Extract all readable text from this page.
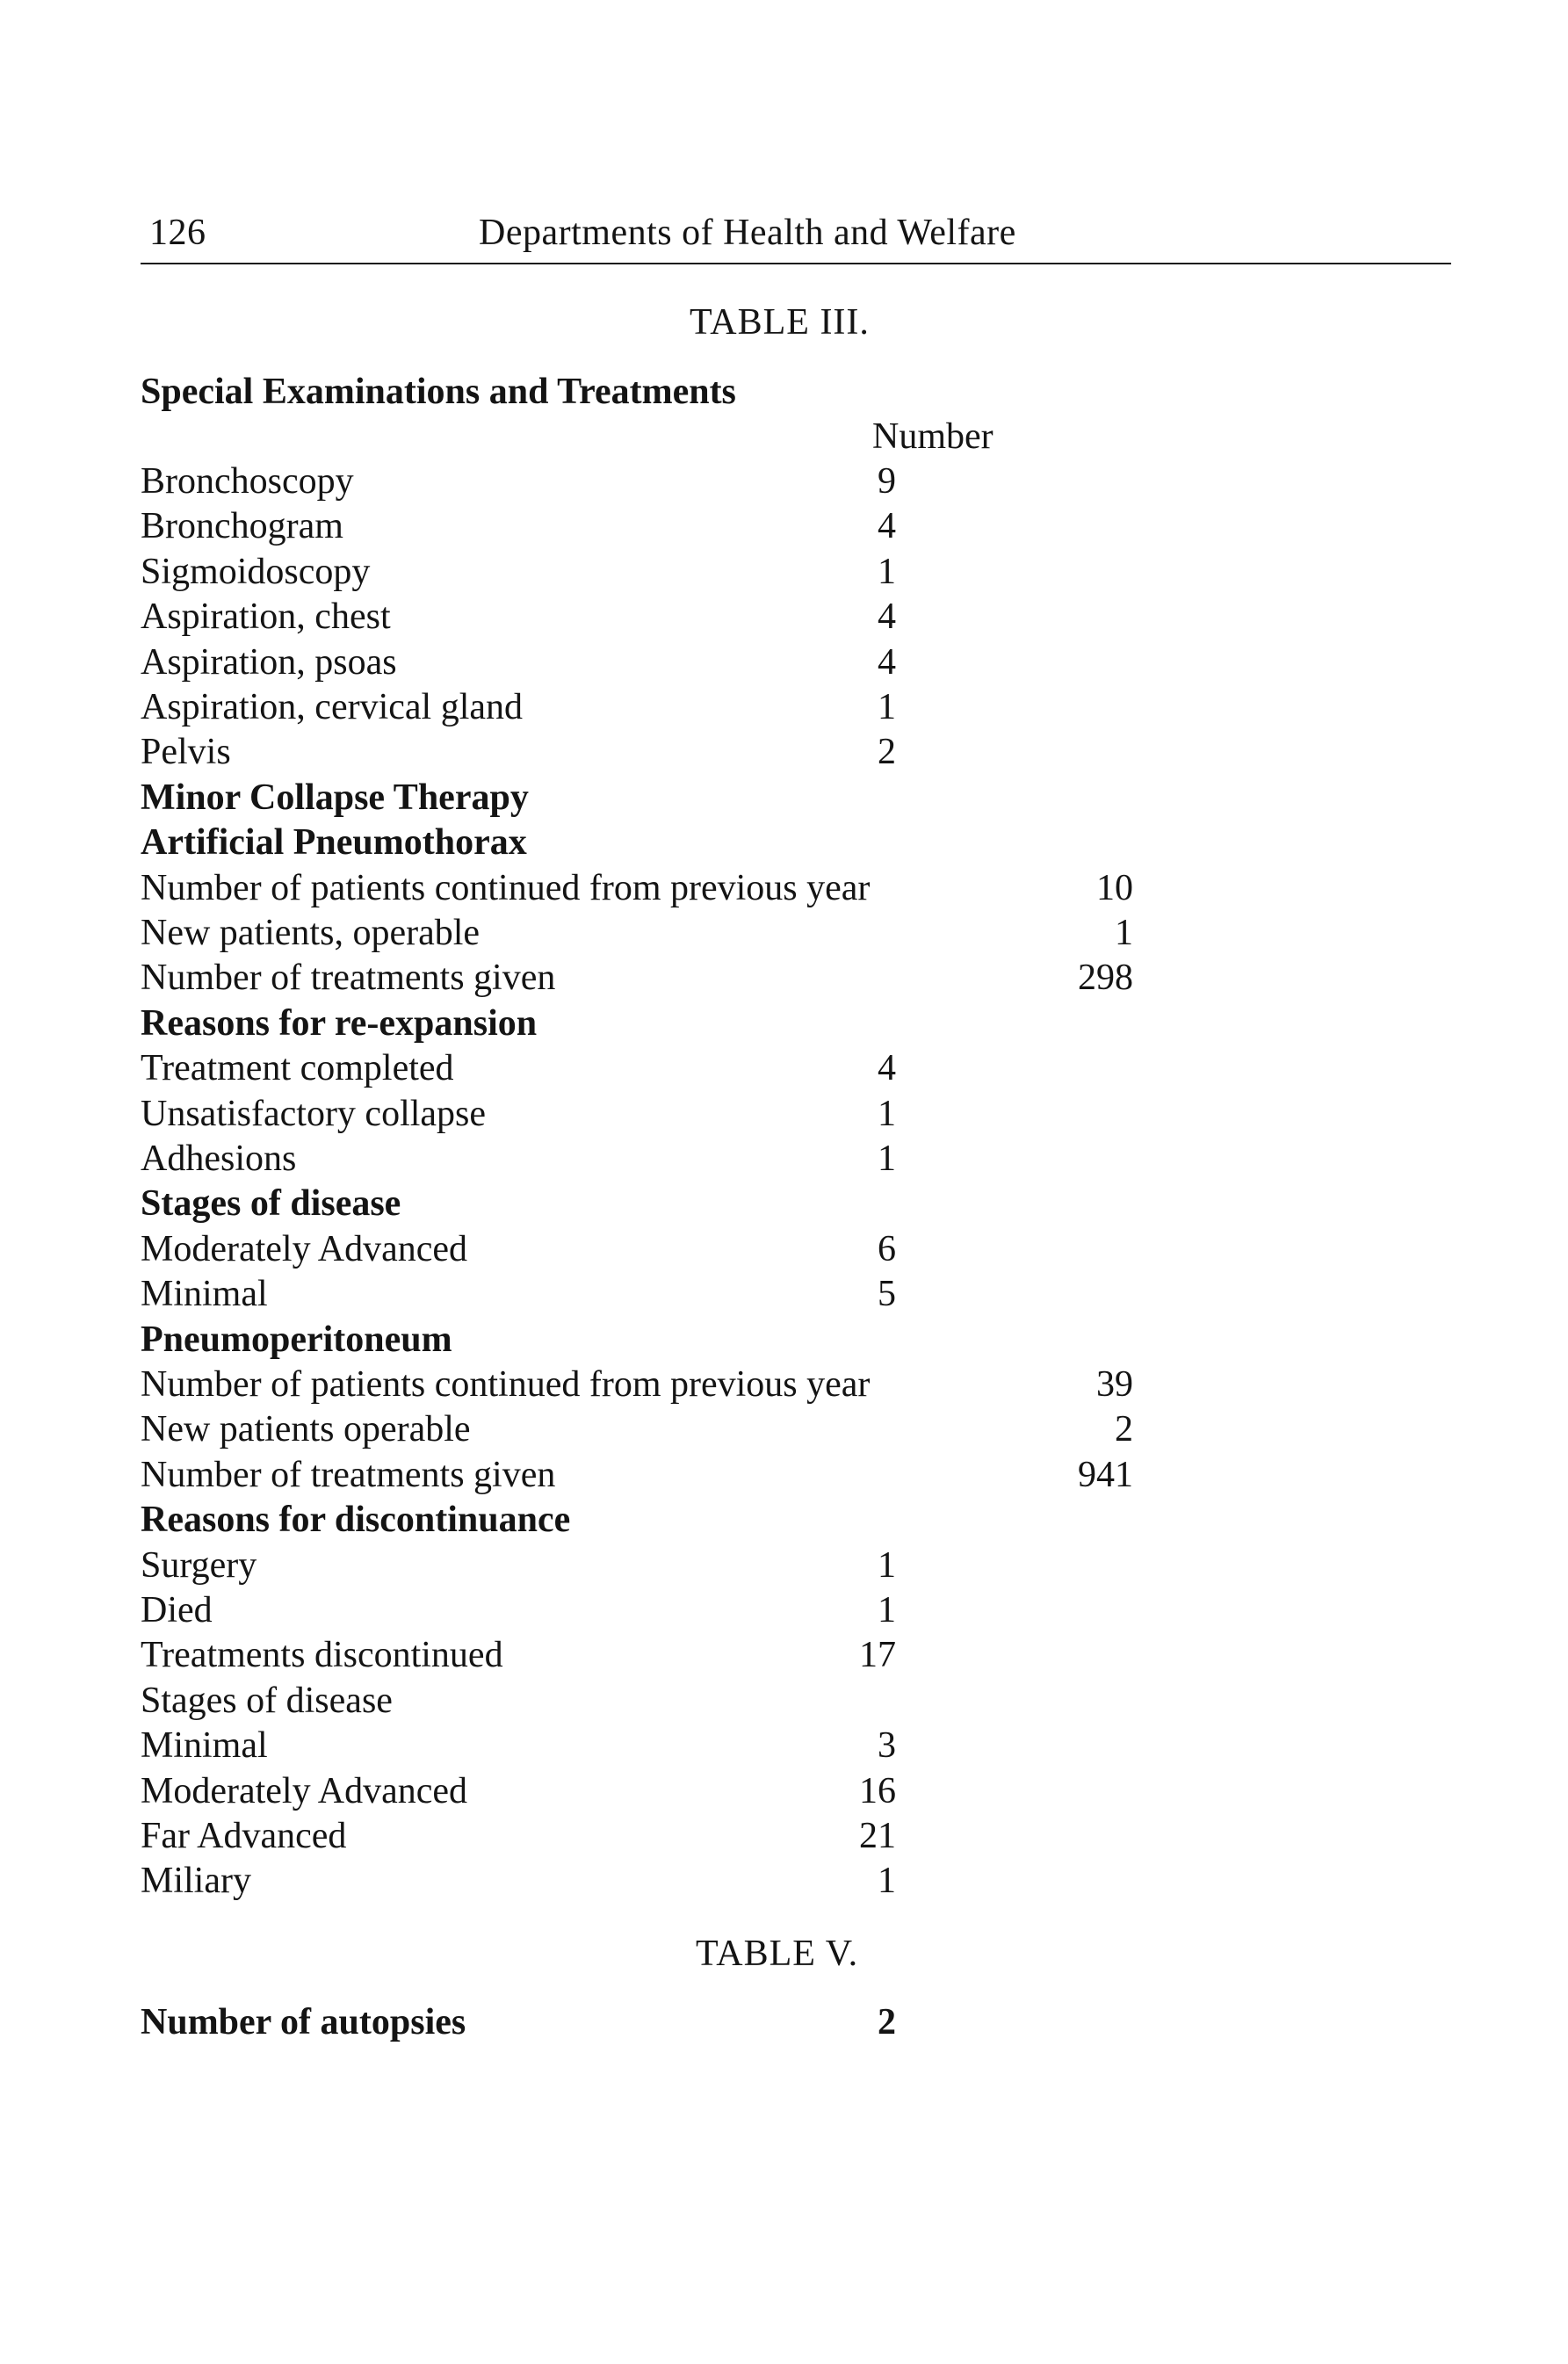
126	Departments of Health and Welfare
TABLE III.
Special Examinations and Treatments
Number
Bronchoscopy	9
Bronchogram	4
Sigmoidoscopy	1
Aspiration, chest	4
Aspiration, psoas	4
Aspiration, cervical gland	1
Pelvis	2
Minor Collapse Therapy
Artificial Pneumothorax
Number of patients continued from previous year	10
New patients, operable	1
Number of treatments given	298
Reasons for re-expansion
Treatment completed	4
Unsatisfactory collapse	1
Adhesions	1
Stages of disease
Moderately Advanced	6
Minimal	5
Pneumoperitoneum
Number of patients continued from previous year	39
New patients operable	2
Number of treatments given	941
Reasons for discontinuance
Surgery	1
Died	1
Treatments discontinued	17
Stages of disease
Minimal	3
Moderately Advanced	16
Far Advanced	21
Miliary	1
TABLE V.
Number of autopsies	2
